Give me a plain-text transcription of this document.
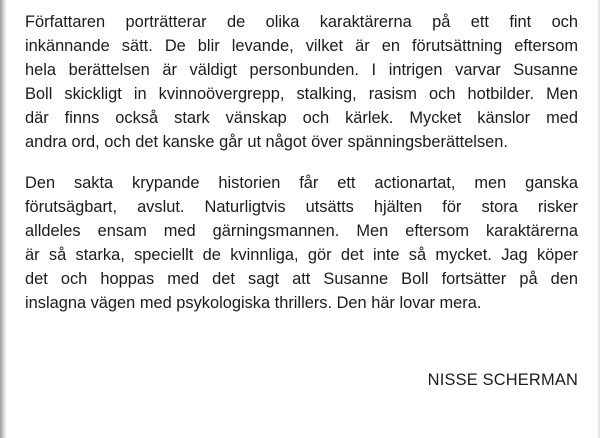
Författaren porträtterar de olika karaktärerna på ett fint och
inkännande sätt. De blir levande, vilket är en förutsättning eftersom
hela berättelsen är väldigt personbunden. I intrigen varvar Susanne
Boll skickligt in kvinnoövergrepp, stalking, rasism och hotbilder. Men
där finns också stark vänskap och kärlek. Mycket känslor med
andra ord, och det kanske går ut något över spänningsberättelsen.

Den sakta krypande historien får ett actionartat, men ganska
förutsägbart, avslut. Naturligtvis utsätts hjälten för stora risker
alldeles ensam med gärningsmannen. Men eftersom karaktärerna
är så starka, speciellt de kvinnliga, gör det inte så mycket. Jag köper
det och hoppas med det sagt att Susanne Boll fortsätter på den
inslagna vägen med psykologiska thrillers. Den här lovar mera.

NISSE SCHERMAN
